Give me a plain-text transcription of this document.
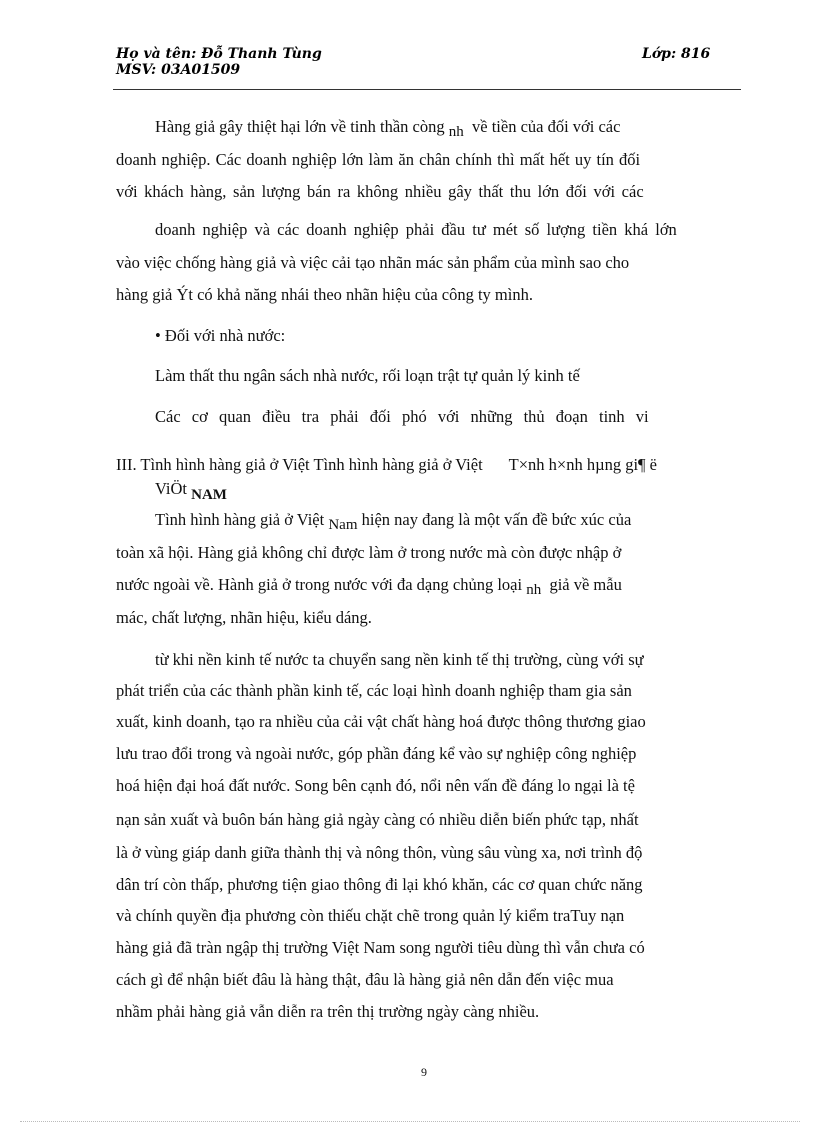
Họ và tên: Đỗ Thanh Tùng
MSV: 03A01509
Lớp: 816
Hàng giả gây thiệt hại lớn về tinh thần còng nh về tiền của đối với các
doanh nghiệp. Các doanh nghiệp lớn làm ăn chân chính thì mất hết uy tín đối
với khách hàng, sản lượng bán ra không nhiều gây thất thu lớn đối với các
doanh nghiệp và các doanh nghiệp phải đầu tư mét số lượng tiền khá lớn
vào việc chống hàng giả và việc cải tạo nhãn mác sản phẩm của mình sao cho
hàng giả Ýt có khả năng nhái theo nhãn hiệu của công ty mình.
• Đối với nhà nước:
Làm thất thu ngân sách nhà nước, rối loạn trật tự quản lý kinh tế
Các cơ quan điều tra phải đối phó với những thủ đoạn tinh vi
III. Tình hình hàng giả ở Việt Tình hình hàng giả ở Việt T×nh h×nh hµng gi¶ ë
ViÖt NAM
Tình hình hàng giả ở Việt Nam hiện nay đang là một vấn đề bức xúc của
toàn xã hội. Hàng giả không chỉ được làm ở trong nước mà còn được nhập ở
nước ngoài về. Hành giả ở trong nước với đa dạng chủng loại nh giả về mẫu
mác, chất lượng, nhãn hiệu, kiểu dáng.
từ khi nền kinh tế nước ta chuyển sang nền kinh tế thị trường, cùng với sự
phát triển của các thành phần kinh tế, các loại hình doanh nghiệp tham gia sản
xuất, kinh doanh, tạo ra nhiều của cải vật chất hàng hoá được thông thương giao
lưu trao đổi trong và ngoài nước, góp phần đáng kể vào sự nghiệp công nghiệp
hoá hiện đại hoá đất nước. Song bên cạnh đó, nổi nên vấn đề đáng lo ngại là tệ
nạn sản xuất và buôn bán hàng giả ngày càng có nhiều diễn biến phức tạp, nhất
là ở vùng giáp danh giữa thành thị và nông thôn, vùng sâu vùng xa, nơi trình độ
dân trí còn thấp, phương tiện giao thông đi lại khó khăn, các cơ quan chức năng
và chính quyền địa phương còn thiếu chặt chẽ trong quản lý kiểm traTuy nạn
hàng giả đã tràn ngập thị trường Việt Nam song người tiêu dùng thì vẫn chưa có
cách gì để nhận biết đâu là hàng thật, đâu là hàng giả nên dẫn đến việc mua
nhầm phải hàng giả vẫn diễn ra trên thị trường ngày càng nhiều.
9
